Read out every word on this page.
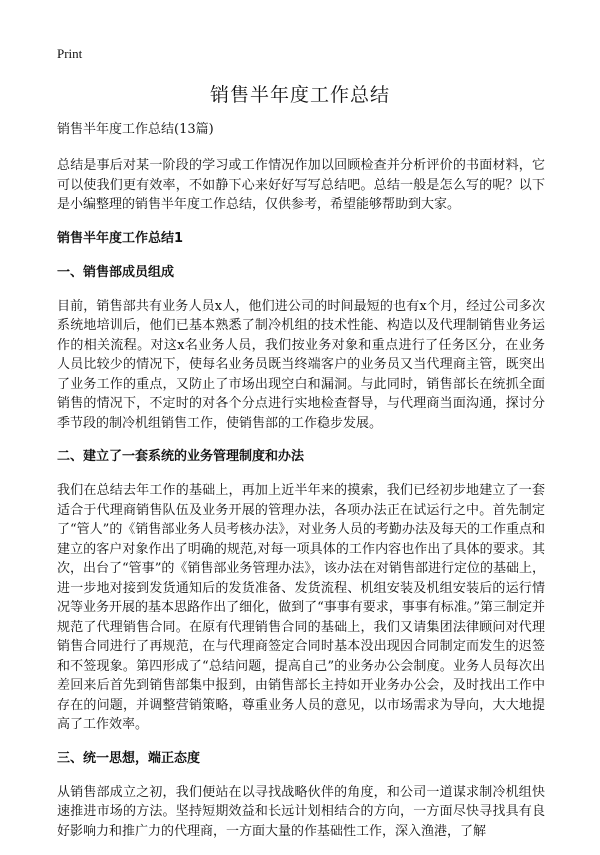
Print
销售半年度工作总结
销售半年度工作总结(13篇)

总结是事后对某一阶段的学习或工作情况作加以回顾检查并分析评价的书面材料，它可以使我们更有效率，不如静下心来好好写写总结吧。总结一般是怎么写的呢？以下是小编整理的销售半年度工作总结，仅供参考，希望能够帮助到大家。

销售半年度工作总结1
一、销售部成员组成

目前，销售部共有业务人员x人，他们进公司的时间最短的也有x个月，经过公司多次系统地培训后，他们已基本熟悉了制冷机组的技术性能、构造以及代理制销售业务运作的相关流程。对这x名业务人员，我们按业务对象和重点进行了任务区分，在业务人员比较少的情况下，使每名业务员既当终端客户的业务员又当代理商主管，既突出了业务工作的重点，又防止了市场出现空白和漏洞。与此同时，销售部长在统抓全面销售的情况下，不定时的对各个分点进行实地检查督导，与代理商当面沟通，探讨分季节段的制冷机组销售工作，使销售部的工作稳步发展。

二、建立了一套系统的业务管理制度和办法

我们在总结去年工作的基础上，再加上近半年来的摸索，我们已经初步地建立了一套适合于代理商销售队伍及业务开展的管理办法，各项办法正在试运行之中。首先制定了“管人”的《销售部业务人员考核办法》，对业务人员的考勤办法及每天的工作重点和建立的客户对象作出了明确的规范,对每一项具体的工作内容也作出了具体的要求。其次，出台了“管事”的《销售部业务管理办法》，该办法在对销售部进行定位的基础上，进一步地对接到发货通知后的发货准备、发货流程、机组安装及机组安装后的运行情况等业务开展的基本思路作出了细化，做到了“事事有要求，事事有标准。”第三制定并规范了代理销售合同。在原有代理销售合同的基础上，我们又请集团法律顾问对代理销售合同进行了再规范，在与代理商签定合同时基本没出现因合同制定而发生的迟签和不签现象。第四形成了“总结问题，提高自己”的业务办公会制度。业务人员每次出差回来后首先到销售部集中报到，由销售部长主持如开业务办公会，及时找出工作中存在的问题，并调整营销策略，尊重业务人员的意见，以市场需求为导向，大大地提高了工作效率。

三、统一思想，端正态度

从销售部成立之初，我们便站在以寻找战略伙伴的角度，和公司一道谋求制冷机组快速推进市场的方法。坚持短期效益和长远计划相结合的方向，一方面尽快寻找具有良好影响力和推广力的代理商，一方面大量的作基础性工作，深入渔港，了解
